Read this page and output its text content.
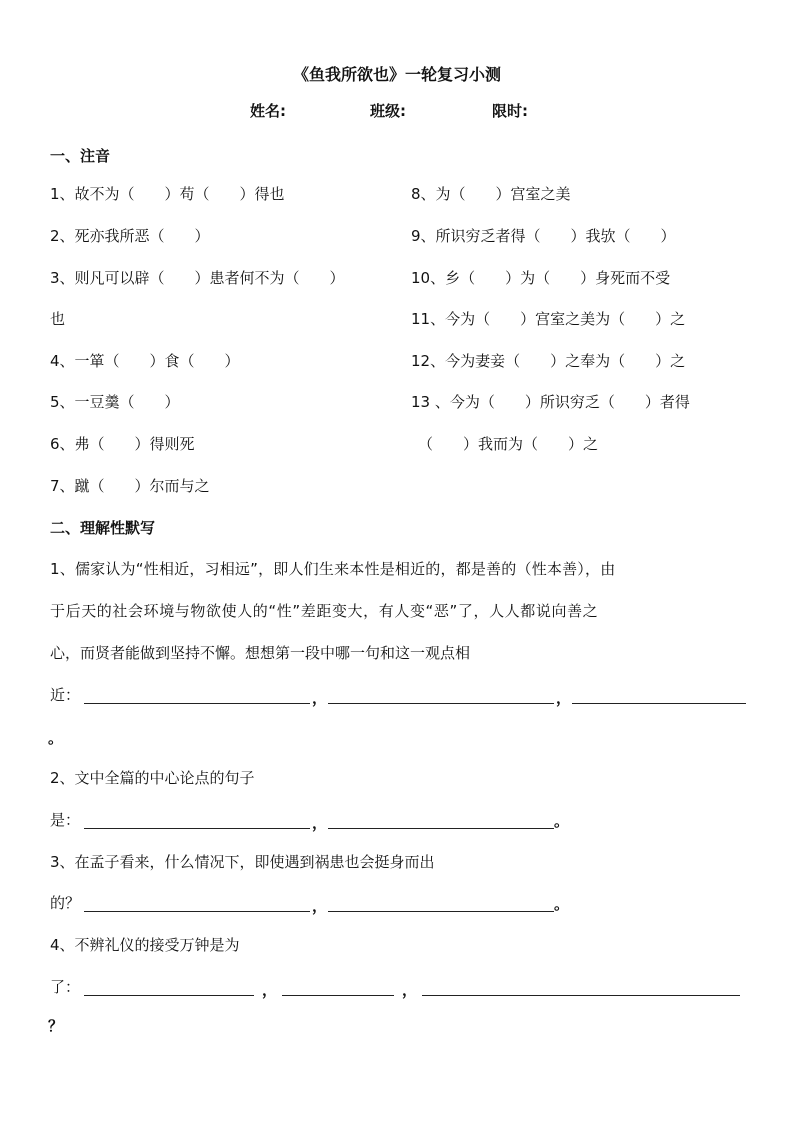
《鱼我所欲也》一轮复习小测
姓名:	班级:	限时:
一、注音
1、故不为（　　）苟（　　）得也
2、死亦我所恶（　　）
3、则凡可以辟（　　）患者何不为（　　）
也
4、一箪（　　）食（　　）
5、一豆羹（　　）
6、弗（　　）得则死
7、蹴（　　）尔而与之
8、为（　　）宫室之美
9、所识穷乏者得（　　）我欤（　　）
10、乡（　　）为（　　）身死而不受
11、今为（　　）宫室之美为（　　）之
12、今为妻妾（　　）之奉为（　　）之
13 、今为（　　）所识穷乏（　　）者得
（　　）我而为（　　）之
二、理解性默写
1、儒家认为“性相近，习相远”，即人们生来本性是相近的，都是善的（性本善），由
于后天的社会环境与物欲使人的“性”差距变大，有人变“恶”了，人人都说向善之
心，而贤者能做到坚持不懈。想想第一段中哪一句和这一观点相
近：	，	，
。
2、文中全篇的中心论点的句子
是：	，	。
3、在孟子看来，什么情况下，即使遇到祸患也会挺身而出
的？	，	。
4、不辨礼仪的接受万钟是为
了：	，	，
？
